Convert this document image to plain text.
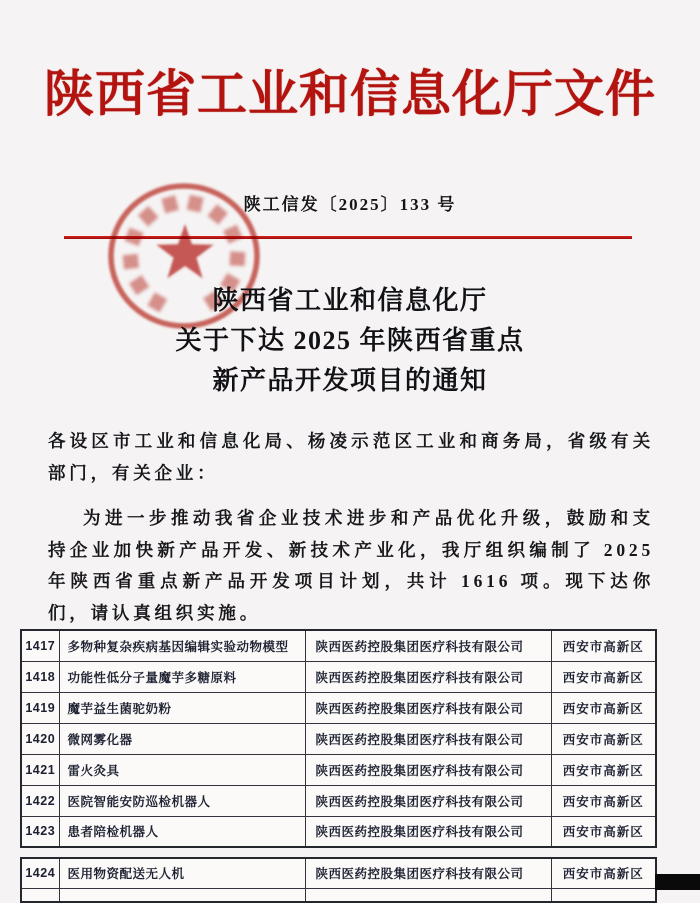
陕西省工业和信息化厅文件
陕工信发〔2025〕133 号
陕西省工业和信息化厅
关于下达 2025 年陕西省重点
新产品开发项目的通知

各设区市工业和信息化局、杨凌示范区工业和商务局，省级有关部门，有关企业：

为进一步推动我省企业技术进步和产品优化升级，鼓励和支持企业加快新产品开发、新技术产业化，我厅组织编制了 2025 年陕西省重点新产品开发项目计划，共计 1616 项。现下达你们，请认真组织实施。

1417	多物种复杂疾病基因编辑实验动物模型	陕西医药控股集团医疗科技有限公司	西安市高新区
1418	功能性低分子量魔芋多糖原料	陕西医药控股集团医疗科技有限公司	西安市高新区
1419	魔芋益生菌驼奶粉	陕西医药控股集团医疗科技有限公司	西安市高新区
1420	微网雾化器	陕西医药控股集团医疗科技有限公司	西安市高新区
1421	雷火灸具	陕西医药控股集团医疗科技有限公司	西安市高新区
1422	医院智能安防巡检机器人	陕西医药控股集团医疗科技有限公司	西安市高新区
1423	患者陪检机器人	陕西医药控股集团医疗科技有限公司	西安市高新区
1424	医用物资配送无人机	陕西医药控股集团医疗科技有限公司	西安市高新区
